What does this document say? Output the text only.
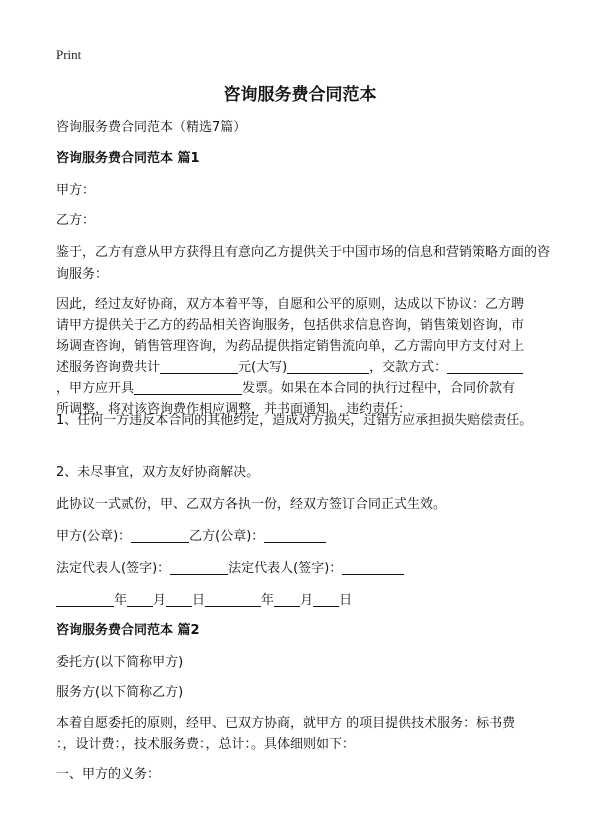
Print
咨询服务费合同范本

咨询服务费合同范本（精选7篇）

咨询服务费合同范本 篇1

甲方：

乙方：

鉴于，乙方有意从甲方获得且有意向乙方提供关于中国市场的信息和营销策略方面的咨询服务：

因此，经过友好协商，双方本着平等，自愿和公平的原则，达成以下协议：乙方聘

请甲方提供关于乙方的药品相关咨询服务，包括供求信息咨询，销售策划咨询，市

场调查咨询，销售管理咨询，为药品提供指定销售流向单，乙方需向甲方支付对上

述服务咨询费共计	元(大写)	，交款方式：

，甲方应开具	发票。如果在本合同的执行过程中，合同价款有

所调整，将对该咨询费作相应调整，并书面通知。 违约责任：

1、任何一方违反本合同的其他约定，造成对方损失，过错方应承担损失赔偿责任。

2、未尽事宜，双方友好协商解决。

此协议一式贰份，甲、乙双方各执一份，经双方签订合同正式生效。

甲方(公章)：	乙方(公章)：

法定代表人(签字)：	法定代表人(签字)：

年 月 日	年 月 日

咨询服务费合同范本 篇2

委托方(以下简称甲方)

服务方(以下简称乙方)

本着自愿委托的原则，经甲、已双方协商，就甲方 的项目提供技术服务：标书费

：，设计费：，技术服务费：，总计：。具体细则如下：

一、甲方的义务：
